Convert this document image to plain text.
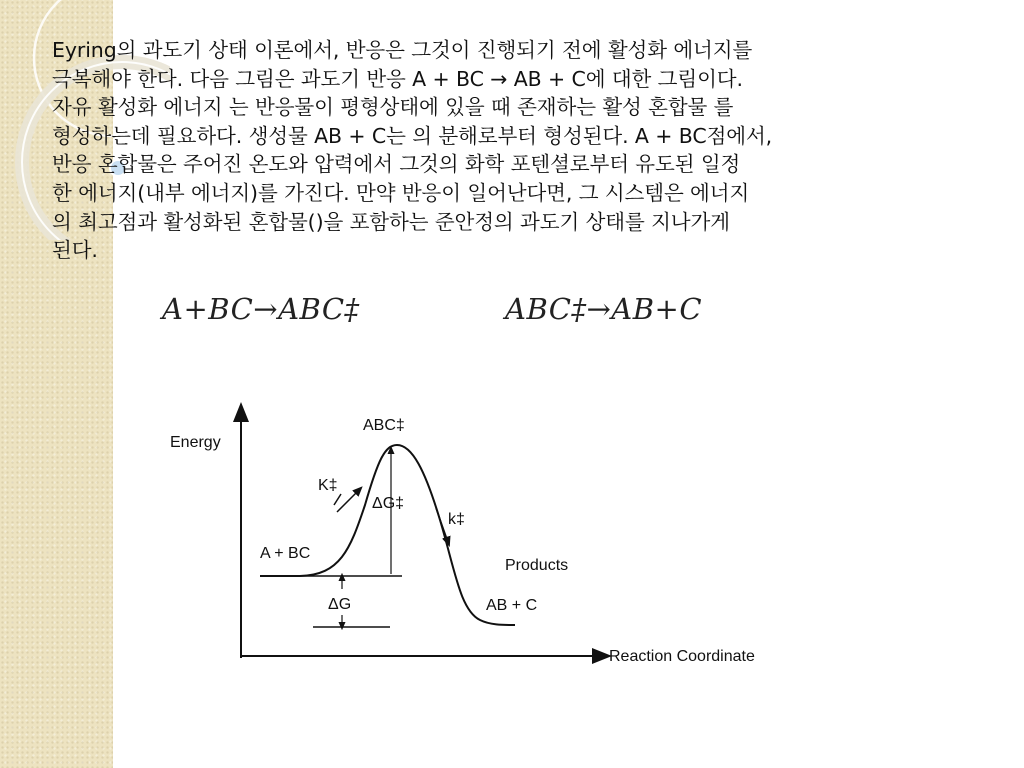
Eyring의 과도기 상태 이론에서, 반응은 그것이 진행되기 전에 활성화 에너지를
극복해야 한다. 다음 그림은 과도기 반응 A + BC → AB + C에 대한 그림이다.
자유 활성화 에너지 는 반응물이 평형상태에 있을 때 존재하는 활성 혼합물 를
형성하는데 필요하다. 생성물 AB + C는 의 분해로부터 형성된다. A + BC점에서,
반응 혼합물은 주어진 온도와 압력에서 그것의 화학 포텐셜로부터 유도된 일정
한 에너지(내부 에너지)를 가진다. 만약 반응이 일어난다면, 그 시스템은 에너지
의 최고점과 활성화된 혼합물()을 포함하는 준안정의 과도기 상태를 지나가게
된다.

A+BC→ABC‡	ABC‡→AB+C
Energy
Reaction Coordinate
ABC‡
K‡
k‡
ΔG‡
ΔG
A + BC
Products
AB + C
